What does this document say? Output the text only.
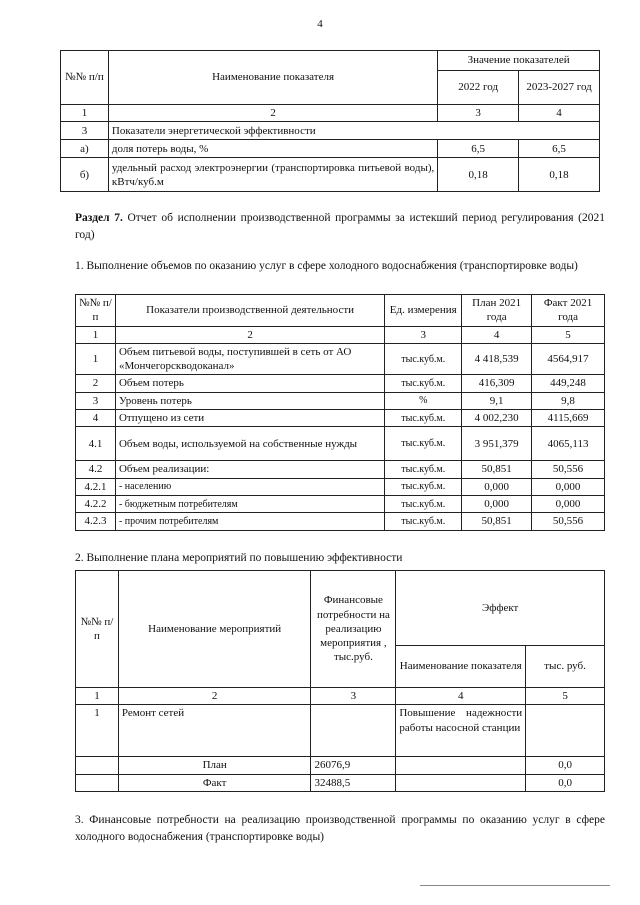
4
№№ п/п	Наименование показателя	Значение показателей	
		2022 год	2023-2027 год
1	2	3	4
3	Показатели энергетической эффективности		
а)	доля потерь воды, %	6,5	6,5
б)	удельный расход электроэнергии (транспортировка питьевой воды), кВтч/куб.м	0,18	0,18
Раздел 7. Отчет об исполнении производственной программы за истекший период регулирования (2021 год)
1. Выполнение объемов по оказанию услуг в сфере холодного водоснабжения (транспортировке воды)
№№ п/п	Показатели производственной деятельности	Ед. измерения	План 2021 года	Факт 2021 года
1	2	3	4	5
1	Объем питьевой воды, поступившей в сеть от АО «Мончегорскводоканал»	тыс.куб.м.	4 418,539	4564,917
2	Объем потерь	тыс.куб.м.	416,309	449,248
3	Уровень потерь	%	9,1	9,8
4	Отпущено из сети	тыс.куб.м.	4 002,230	4115,669
4.1	Объем воды, используемой на собственные нужды	тыс.куб.м.	3 951,379	4065,113
4.2	Объем реализации:	тыс.куб.м.	50,851	50,556
4.2.1	- населению	тыс.куб.м.	0,000	0,000
4.2.2	- бюджетным потребителям	тыс.куб.м.	0,000	0,000
4.2.3	- прочим потребителям	тыс.куб.м.	50,851	50,556
2. Выполнение плана мероприятий по повышению эффективности
№№ п/п	Наименование мероприятий	Финансовые потребности на реализацию мероприятия , тыс.руб.	Эффект	
			Наименование показателя	тыс. руб.
1	2	3	4	5
1	Ремонт сетей		Повышение надежности работы насосной станции	
	План	26076,9		0,0
	Факт	32488,5		0,0
3. Финансовые потребности на реализацию производственной программы по оказанию услуг в сфере холодного водоснабжения (транспортировке воды)
